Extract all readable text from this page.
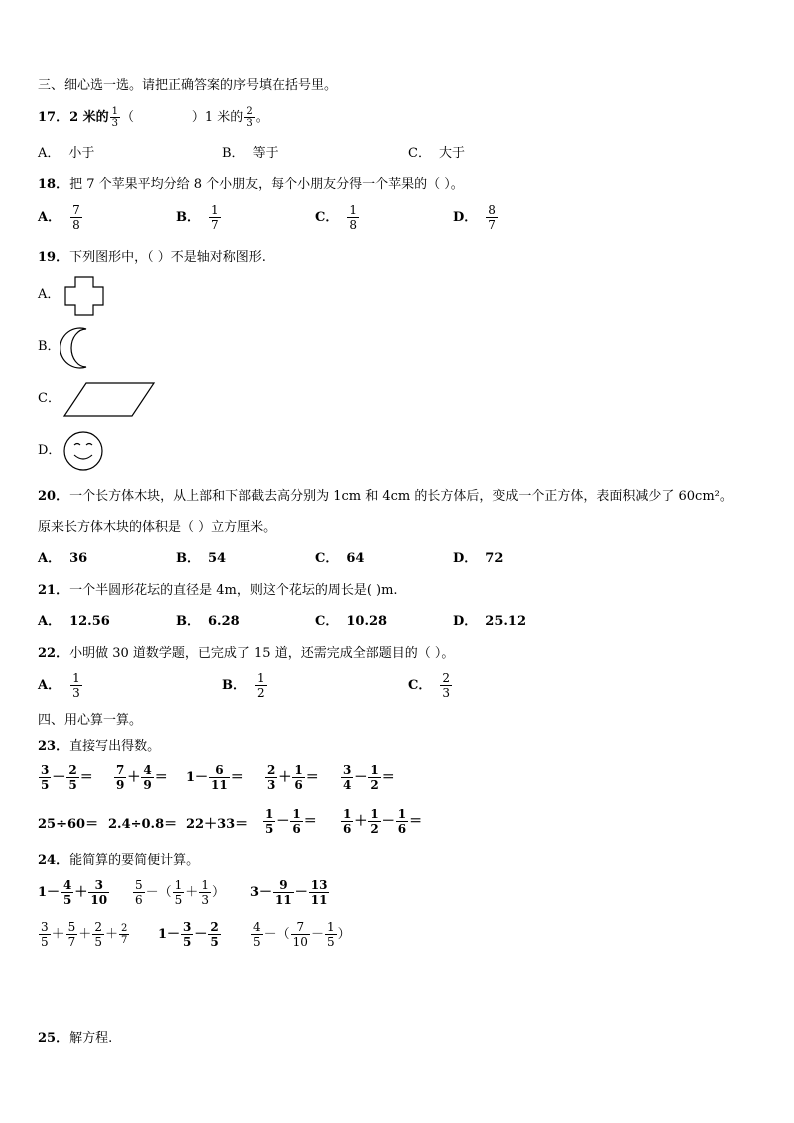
三、细心选一选。请把正确答案的序号填在括号里。
17． 2 米的 1
3 （              ）1 米的 2
3 。
A． 小于	B． 等于	C． 大于
18． 把 7 个苹果平均分给 8 个小朋友，每个小朋友分得一个苹果的（ ）。
A． 7
8
B． 1
7
C． 1
8
D． 8
7
19． 下列图形中，（ ）不是轴对称图形.
A．
B．
C．
D．
20． 一个长方体木块，从上部和下部截去高分别为 1cm 和 4cm 的长方体后，变成一个正方体，表面积减少了 60cm²。
原来长方体木块的体积是（ ）立方厘米。
A． 36	B． 54	C． 64	D． 72
21． 一个半圆形花坛的直径是 4m，则这个花坛的周长是( )m.
A． 12.56	B． 6.28	C． 10.28	D． 25.12
22． 小明做 30 道数学题，已完成了 15 道，还需完成全部题目的（ ）。
A． 1
3
B． 1
2
C． 2
3
四、用心算一算。
23． 直接写出得数。
3
5
－ 2
5
＝ 7
9
＋ 4
9
＝ 1－ 6
11
＝ 2
3
＋ 1
6
＝ 3
4
－ 1
2
＝
25÷60＝ 2.4÷0.8＝ 22＋33＝
1
5
－ 1
6
＝ 1
6
＋ 1
2
－ 1
6
＝
24． 能简算的要简便计算。
1－ 4
5
＋ 3
10
5
6
－（ 1
5
＋ 1
3
） 3－ 9
11
－ 13
11
3
5
＋ 5
7
＋ 2
5
＋ 2
7 1－ 3
5
－ 2
5
4
5
－（ 7
10
－ 1
5
）
25． 解方程.
